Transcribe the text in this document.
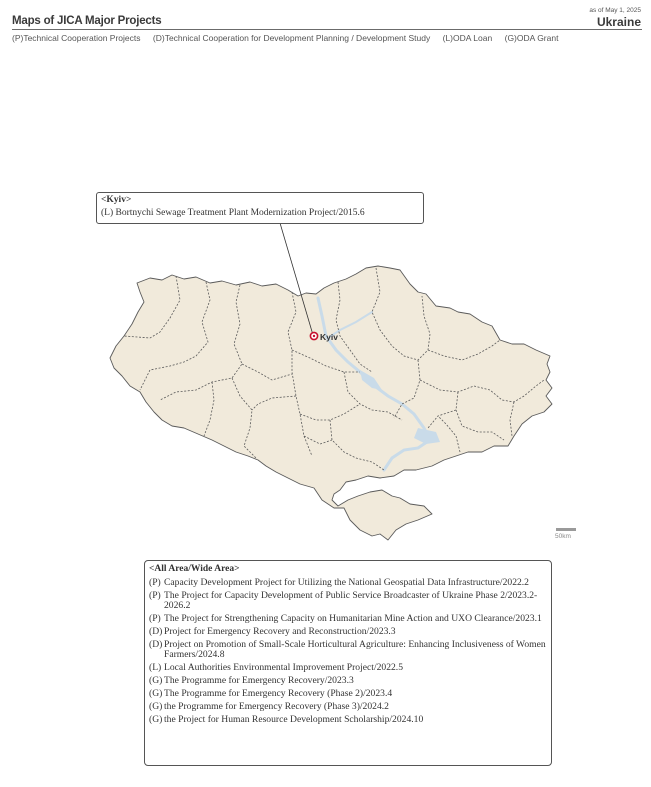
as of May 1, 2025
Maps of JICA Major Projects	Ukraine
(P)Technical Cooperation Projects (D)Technical Cooperation for Development Planning / Development Study (L)ODA Loan (G)ODA Grant
Kyiv
<Kyiv>
(L) Bortnychi Sewage Treatment Plant Modernization Project/2015.6
50km
<All Area/Wide Area>
(P) Capacity Development Project for Utilizing the National Geospatial Data Infrastructure/2022.2
(P) The Project for Capacity Development of Public Service Broadcaster of Ukraine Phase 2/2023.2-2026.2
(P) The Project for Strengthening Capacity on Humanitarian Mine Action and UXO Clearance/2023.1
(D) Project for Emergency Recovery and Reconstruction/2023.3
(D) Project on Promotion of Small-Scale Horticultural Agriculture: Enhancing Inclusiveness of Women Farmers/2024.8
(L) Local Authorities Environmental Improvement Project/2022.5
(G) The Programme for Emergency Recovery/2023.3
(G) The Programme for Emergency Recovery (Phase 2)/2023.4
(G) the Programme for Emergency Recovery (Phase 3)/2024.2
(G) the Project for Human Resource Development Scholarship/2024.10
